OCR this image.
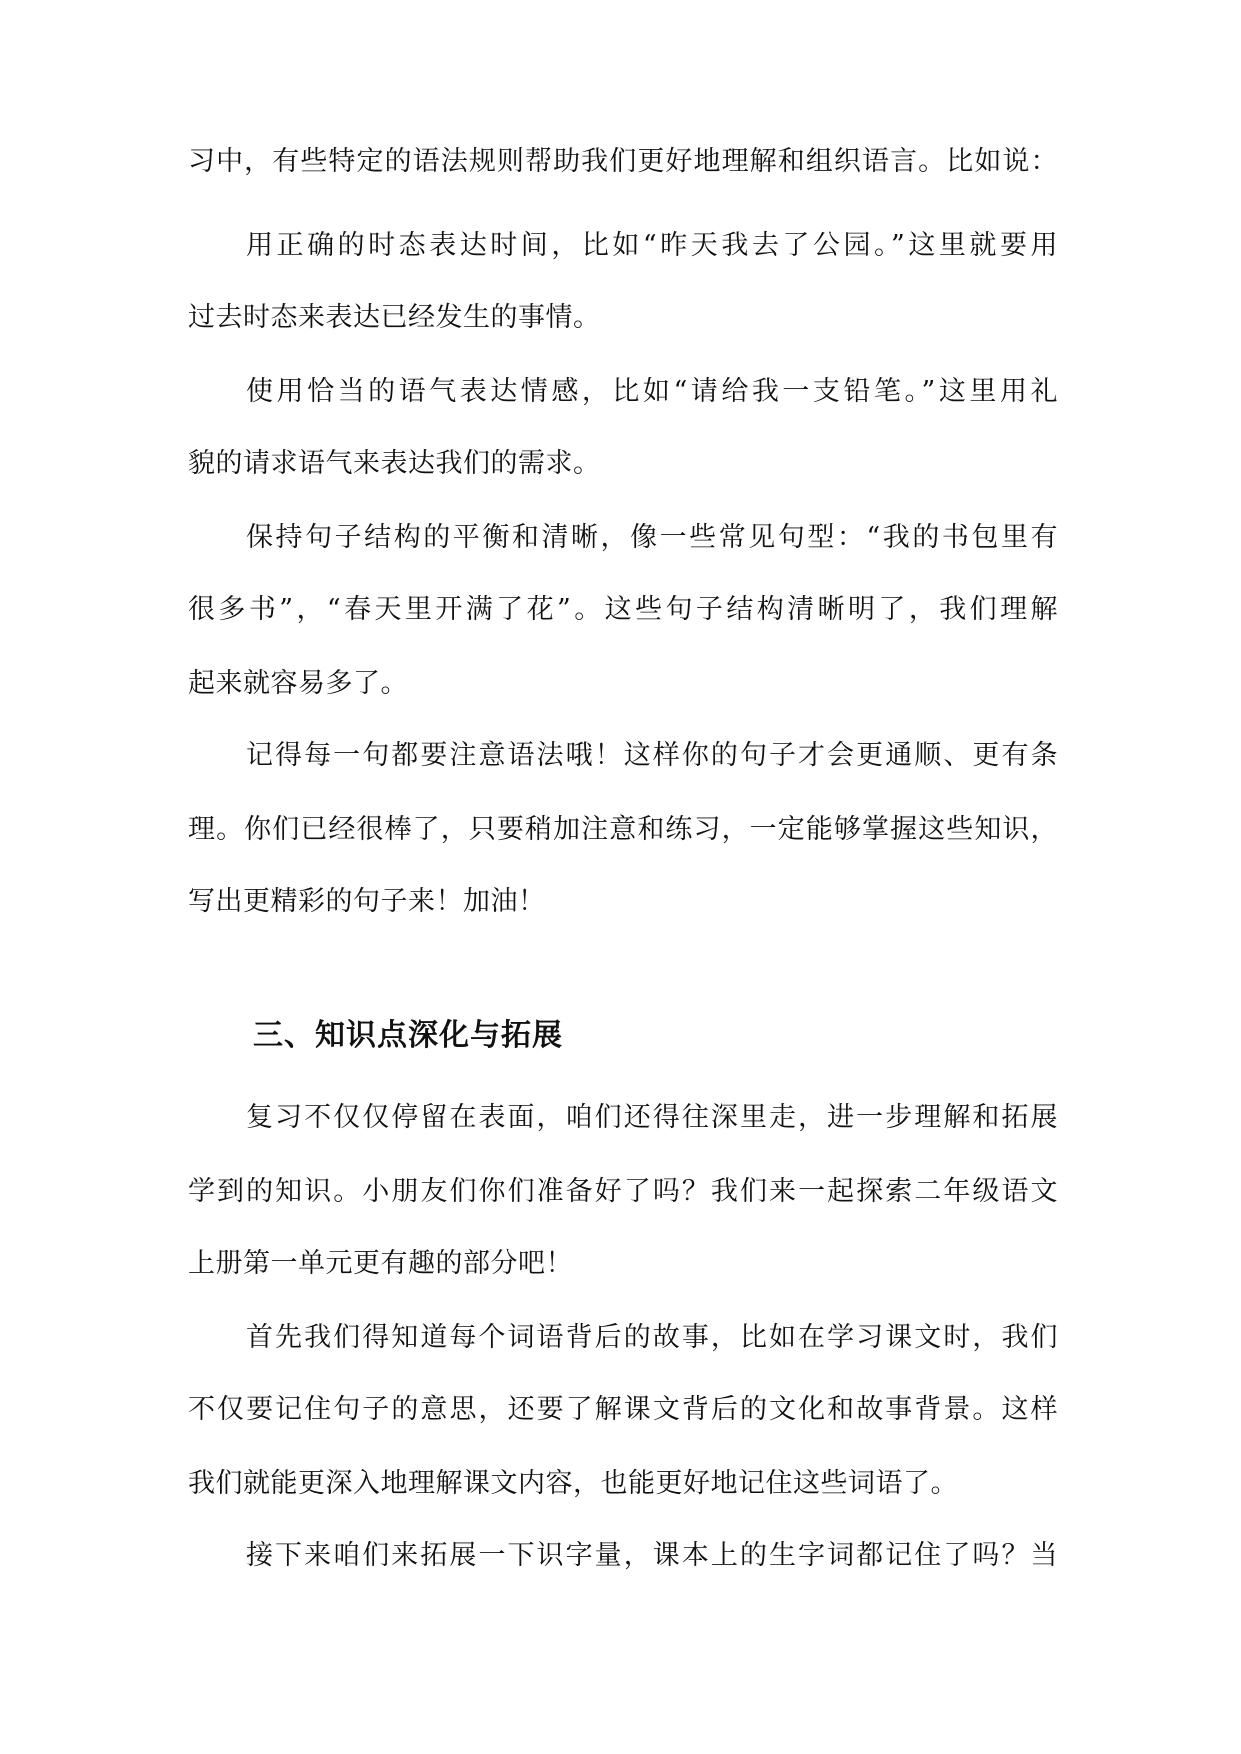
习中，有些特定的语法规则帮助我们更好地理解和组织语言。比如说：
用正确的时态表达时间，比如“昨天我去了公园。”这里就要用
过去时态来表达已经发生的事情。
使用恰当的语气表达情感，比如“请给我一支铅笔。”这里用礼
貌的请求语气来表达我们的需求。
保持句子结构的平衡和清晰，像一些常见句型：“我的书包里有
很多书”，“春天里开满了花”。这些句子结构清晰明了，我们理解
起来就容易多了。
记得每一句都要注意语法哦！这样你的句子才会更通顺、更有条
理。你们已经很棒了，只要稍加注意和练习，一定能够掌握这些知识，
写出更精彩的句子来！加油！
三、知识点深化与拓展
复习不仅仅停留在表面，咱们还得往深里走，进一步理解和拓展
学到的知识。小朋友们你们准备好了吗？我们来一起探索二年级语文
上册第一单元更有趣的部分吧！
首先我们得知道每个词语背后的故事，比如在学习课文时，我们
不仅要记住句子的意思，还要了解课文背后的文化和故事背景。这样
我们就能更深入地理解课文内容，也能更好地记住这些词语了。
接下来咱们来拓展一下识字量，课本上的生字词都记住了吗？当
